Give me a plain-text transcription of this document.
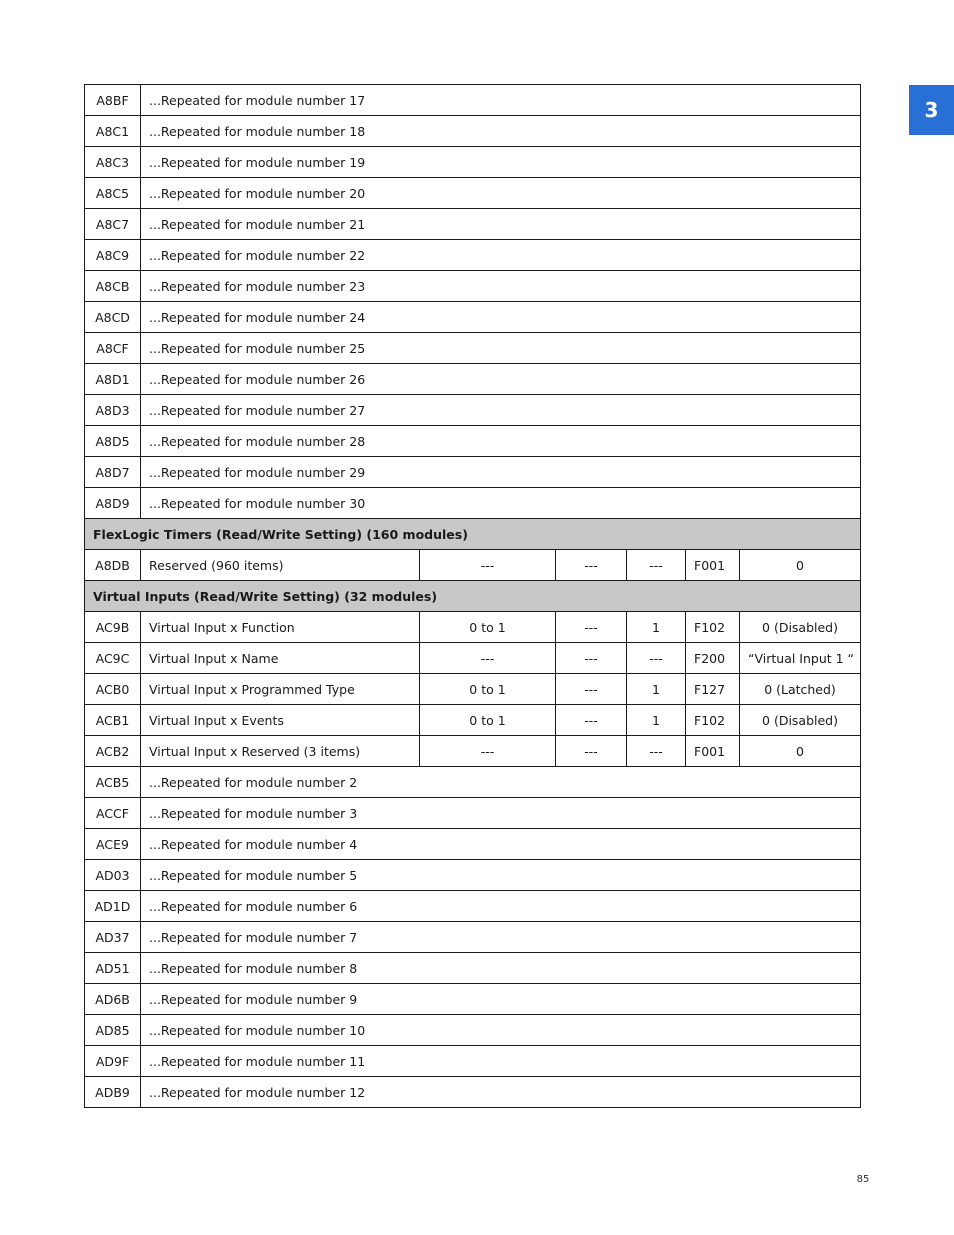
A8BF	...Repeated for module number 17					
A8C1	...Repeated for module number 18					
A8C3	...Repeated for module number 19					
A8C5	...Repeated for module number 20					
A8C7	...Repeated for module number 21					
A8C9	...Repeated for module number 22					
A8CB	...Repeated for module number 23					
A8CD	...Repeated for module number 24					
A8CF	...Repeated for module number 25					
A8D1	...Repeated for module number 26					
A8D3	...Repeated for module number 27					
A8D5	...Repeated for module number 28					
A8D7	...Repeated for module number 29					
A8D9	...Repeated for module number 30					
FlexLogic Timers (Read/Write Setting) (160 modules)						
A8DB	Reserved (960 items)	---	---	---	F001	0
Virtual Inputs (Read/Write Setting) (32 modules)						
AC9B	Virtual Input x Function	0 to 1	---	1	F102	0 (Disabled)
AC9C	Virtual Input x Name	---	---	---	F200	“Virtual Input 1 “
ACB0	Virtual Input x Programmed Type	0 to 1	---	1	F127	0 (Latched)
ACB1	Virtual Input x Events	0 to 1	---	1	F102	0 (Disabled)
ACB2	Virtual Input x Reserved (3 items)	---	---	---	F001	0
ACB5	...Repeated for module number 2					
ACCF	...Repeated for module number 3					
ACE9	...Repeated for module number 4					
AD03	...Repeated for module number 5					
AD1D	...Repeated for module number 6					
AD37	...Repeated for module number 7					
AD51	...Repeated for module number 8					
AD6B	...Repeated for module number 9					
AD85	...Repeated for module number 10					
AD9F	...Repeated for module number 11					
ADB9	...Repeated for module number 12					
3
85
